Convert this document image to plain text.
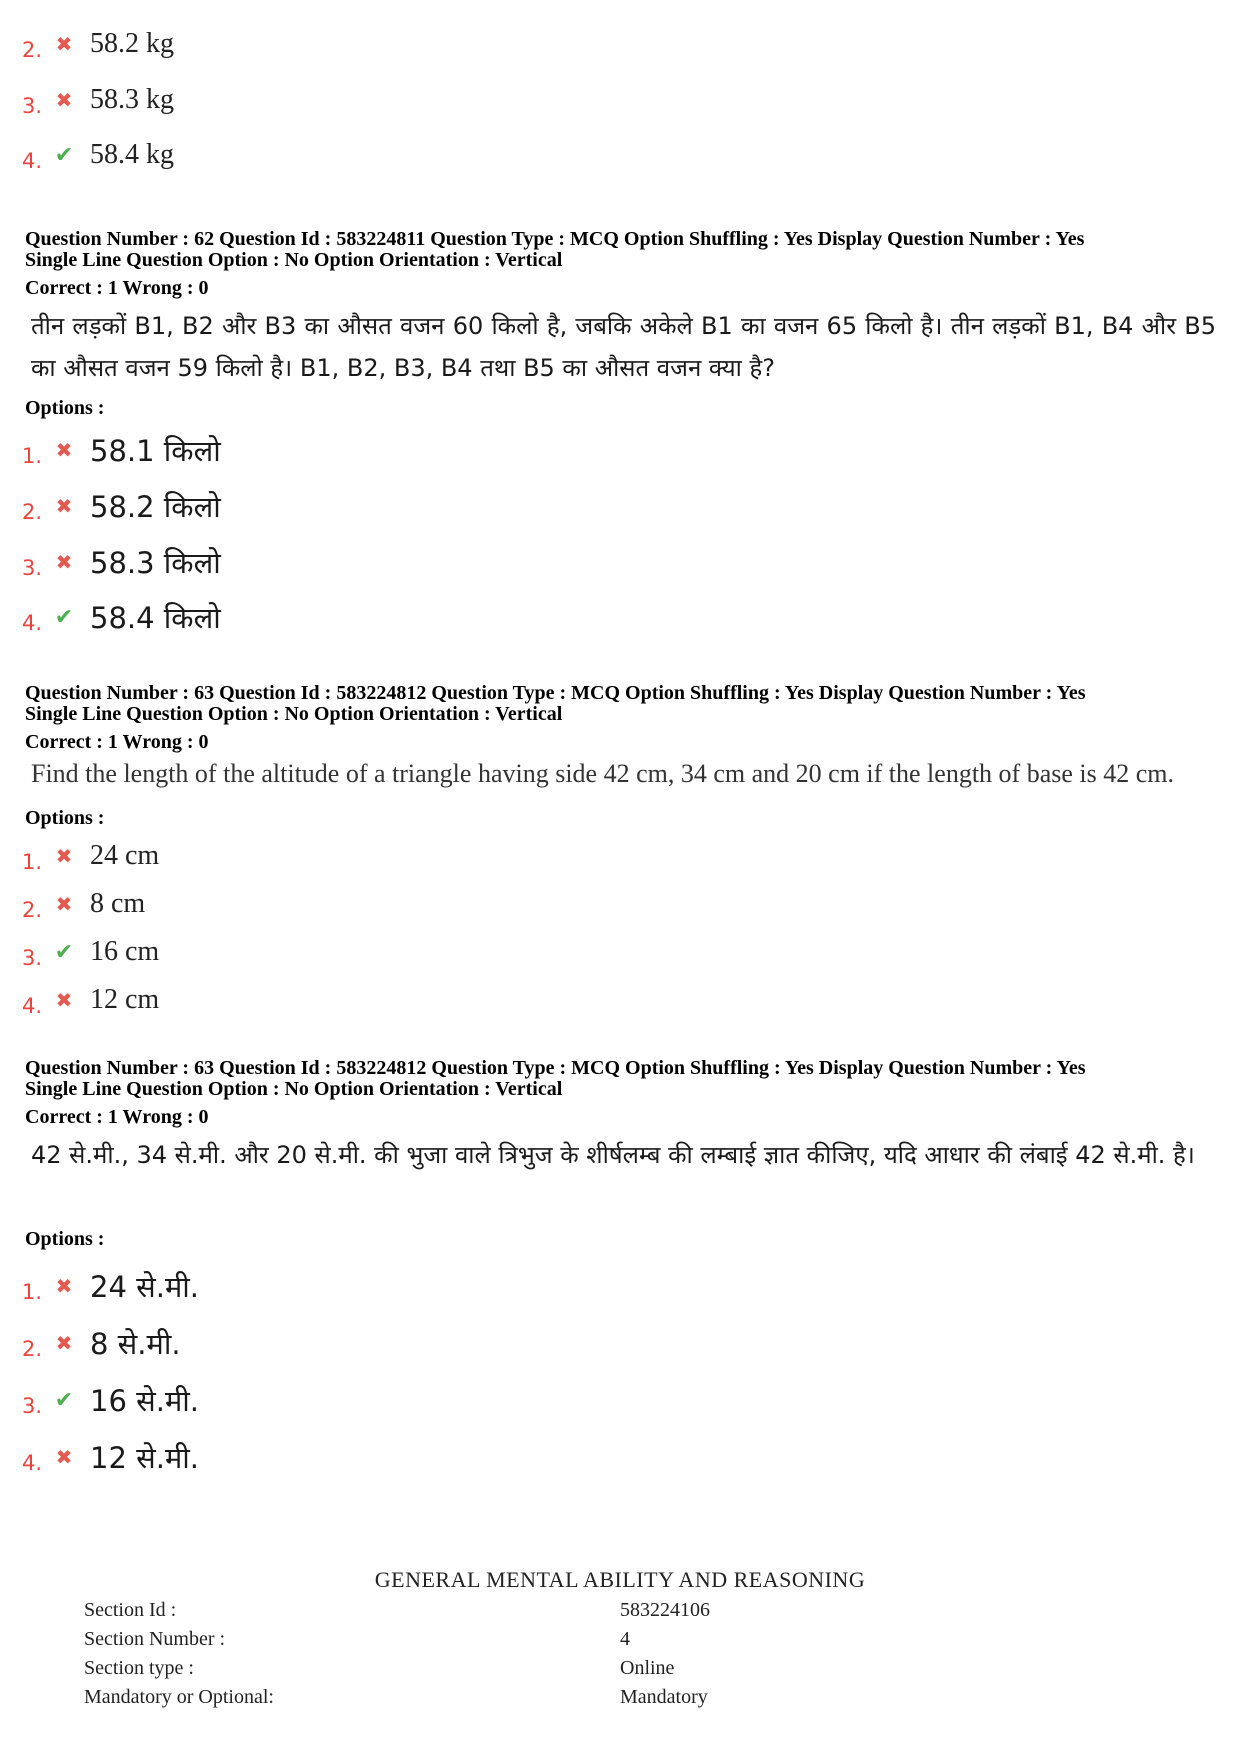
2. ✖ 58.2 kg
3. ✖ 58.3 kg
4. ✔ 58.4 kg
Question Number : 62 Question Id : 583224811 Question Type : MCQ Option Shuffling : Yes Display Question Number : Yes
Single Line Question Option : No Option Orientation : Vertical
Correct : 1 Wrong : 0
तीन लड़कों B1, B2 और B3 का औसत वजन 60 किलो है, जबकि अकेले B1 का वजन 65 किलो है। तीन लड़कों B1, B4 और B5 का औसत वजन 59 किलो है। B1, B2, B3, B4 तथा B5 का औसत वजन क्या है?
Options :
1. ✖ 58.1 किलो
2. ✖ 58.2 किलो
3. ✖ 58.3 किलो
4. ✔ 58.4 किलो
Question Number : 63 Question Id : 583224812 Question Type : MCQ Option Shuffling : Yes Display Question Number : Yes
Single Line Question Option : No Option Orientation : Vertical
Correct : 1 Wrong : 0
Find the length of the altitude of a triangle having side 42 cm, 34 cm and 20 cm if the length of base is 42 cm.
Options :
1. ✖ 24 cm
2. ✖ 8 cm
3. ✔ 16 cm
4. ✖ 12 cm
Question Number : 63 Question Id : 583224812 Question Type : MCQ Option Shuffling : Yes Display Question Number : Yes
Single Line Question Option : No Option Orientation : Vertical
Correct : 1 Wrong : 0
42 से.मी., 34 से.मी. और 20 से.मी. की भुजा वाले त्रिभुज के शीर्षलम्ब की लम्बाई ज्ञात कीजिए, यदि आधार की लंबाई 42 से.मी. है।
Options :
1. ✖ 24 से.मी.
2. ✖ 8 से.मी.
3. ✔ 16 से.मी.
4. ✖ 12 से.मी.
GENERAL MENTAL ABILITY AND REASONING
Section Id :	583224106
Section Number :	4
Section type :	Online
Mandatory or Optional:	Mandatory
